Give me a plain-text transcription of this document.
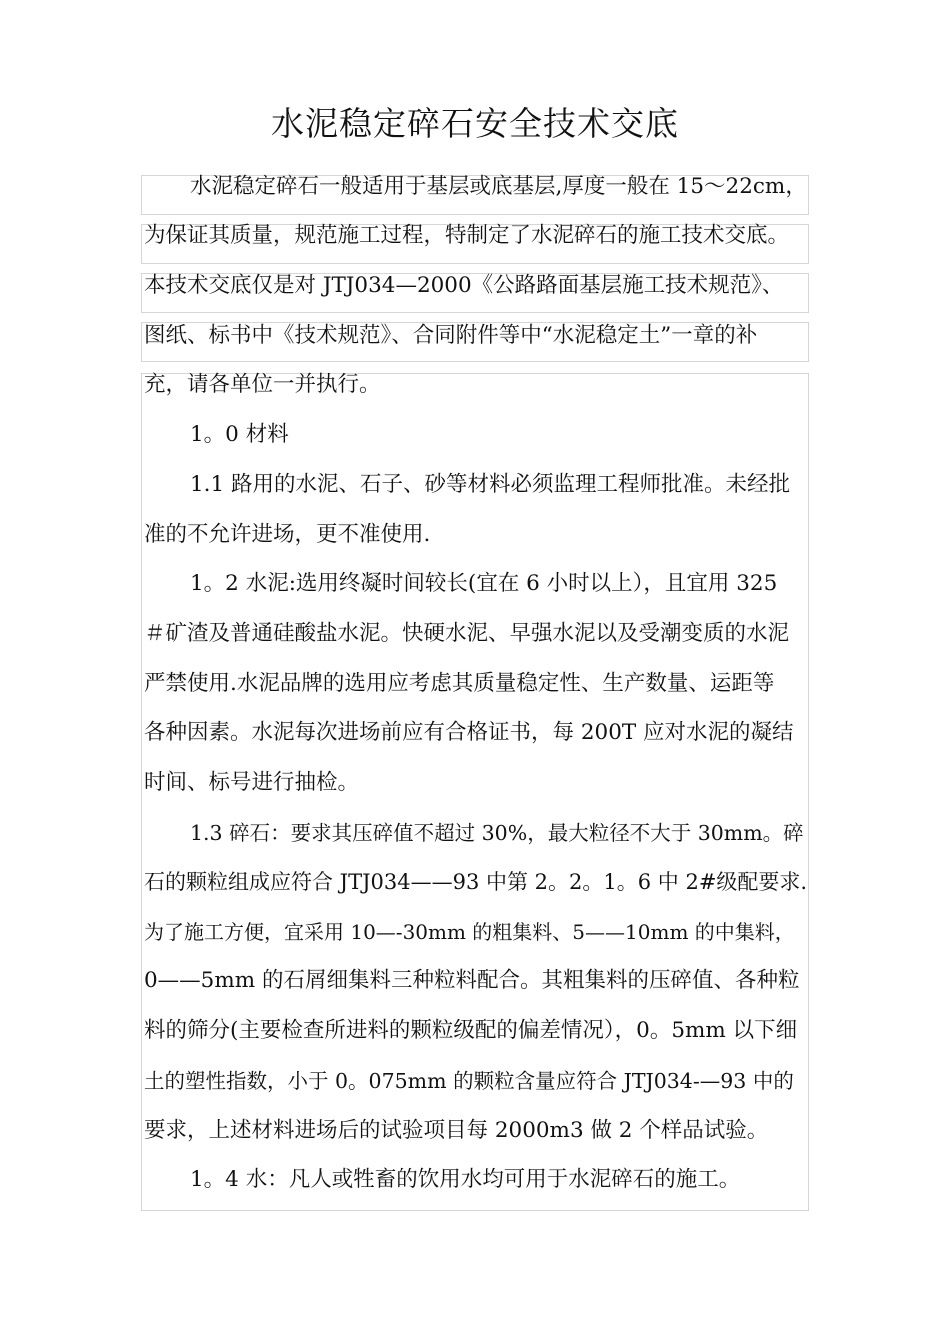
水泥稳定碎石安全技术交底
水泥稳定碎石一般适用于基层或底基层,厚度一般在 15～22cm，
为保证其质量，规范施工过程，特制定了水泥碎石的施工技术交底。
本技术交底仅是对 JTJ034—2000《公路路面基层施工技术规范》、
图纸、标书中《技术规范》、合同附件等中“水泥稳定土”一章的补
充，请各单位一并执行。
1。0 材料
1.1 路用的水泥、石子、砂等材料必须监理工程师批准。未经批
准的不允许进场，更不准使用.
1。2 水泥:选用终凝时间较长(宜在 6 小时以上），且宜用 325
＃矿渣及普通硅酸盐水泥。快硬水泥、早强水泥以及受潮变质的水泥
严禁使用.水泥品牌的选用应考虑其质量稳定性、生产数量、运距等
各种因素。水泥每次进场前应有合格证书，每 200T 应对水泥的凝结
时间、标号进行抽检。
1.3 碎石：要求其压碎值不超过 30%，最大粒径不大于 30mm。碎
石的颗粒组成应符合 JTJ034——93 中第 2。2。1。6 中 2#级配要求.
为了施工方便，宜采用 10—-30mm 的粗集料、5——10mm 的中集料，
0——5mm 的石屑细集料三种粒料配合。其粗集料的压碎值、各种粒
料的筛分(主要检查所进料的颗粒级配的偏差情况），0。5mm 以下细
土的塑性指数，小于 0。075mm 的颗粒含量应符合 JTJ034-—93 中的
要求，上述材料进场后的试验项目每 2000m3 做 2 个样品试验。
1。4 水：凡人或牲畜的饮用水均可用于水泥碎石的施工。
